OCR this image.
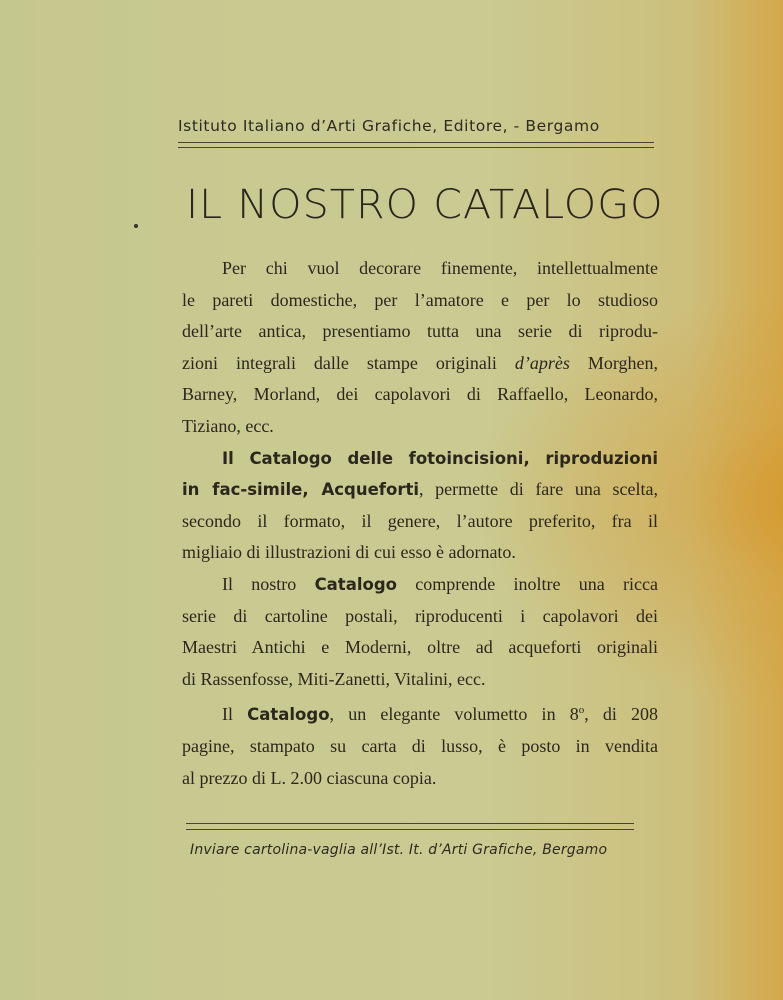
Istituto Italiano d’Arti Grafiche, Editore, - Bergamo
IL NOSTRO CATALOGO
Per chi vuol decorare finemente, intellettualmente
le pareti domestiche, per l’amatore e per lo studioso
dell’arte antica, presentiamo tutta una serie di riprodu-
zioni integrali dalle stampe originali d’après Morghen,
Barney, Morland, dei capolavori di Raffaello, Leonardo,
Tiziano, ecc.
Il Catalogo delle fotoincisioni, riproduzioni
in fac-simile, Acqueforti, permette di fare una scelta,
secondo il formato, il genere, l’autore preferito, fra il
migliaio di illustrazioni di cui esso è adornato.
Il nostro Catalogo comprende inoltre una ricca
serie di cartoline postali, riproducenti i capolavori dei
Maestri Antichi e Moderni, oltre ad acqueforti originali
di Rassenfosse, Miti-Zanetti, Vitalini, ecc.
Il Catalogo, un elegante volumetto in 8$^o$, di 208
pagine, stampato su carta di lusso, è posto in vendita
al prezzo di L. 2.00 ciascuna copia.
Inviare cartolina-vaglia all’Ist. It. d’Arti Grafiche, Bergamo
